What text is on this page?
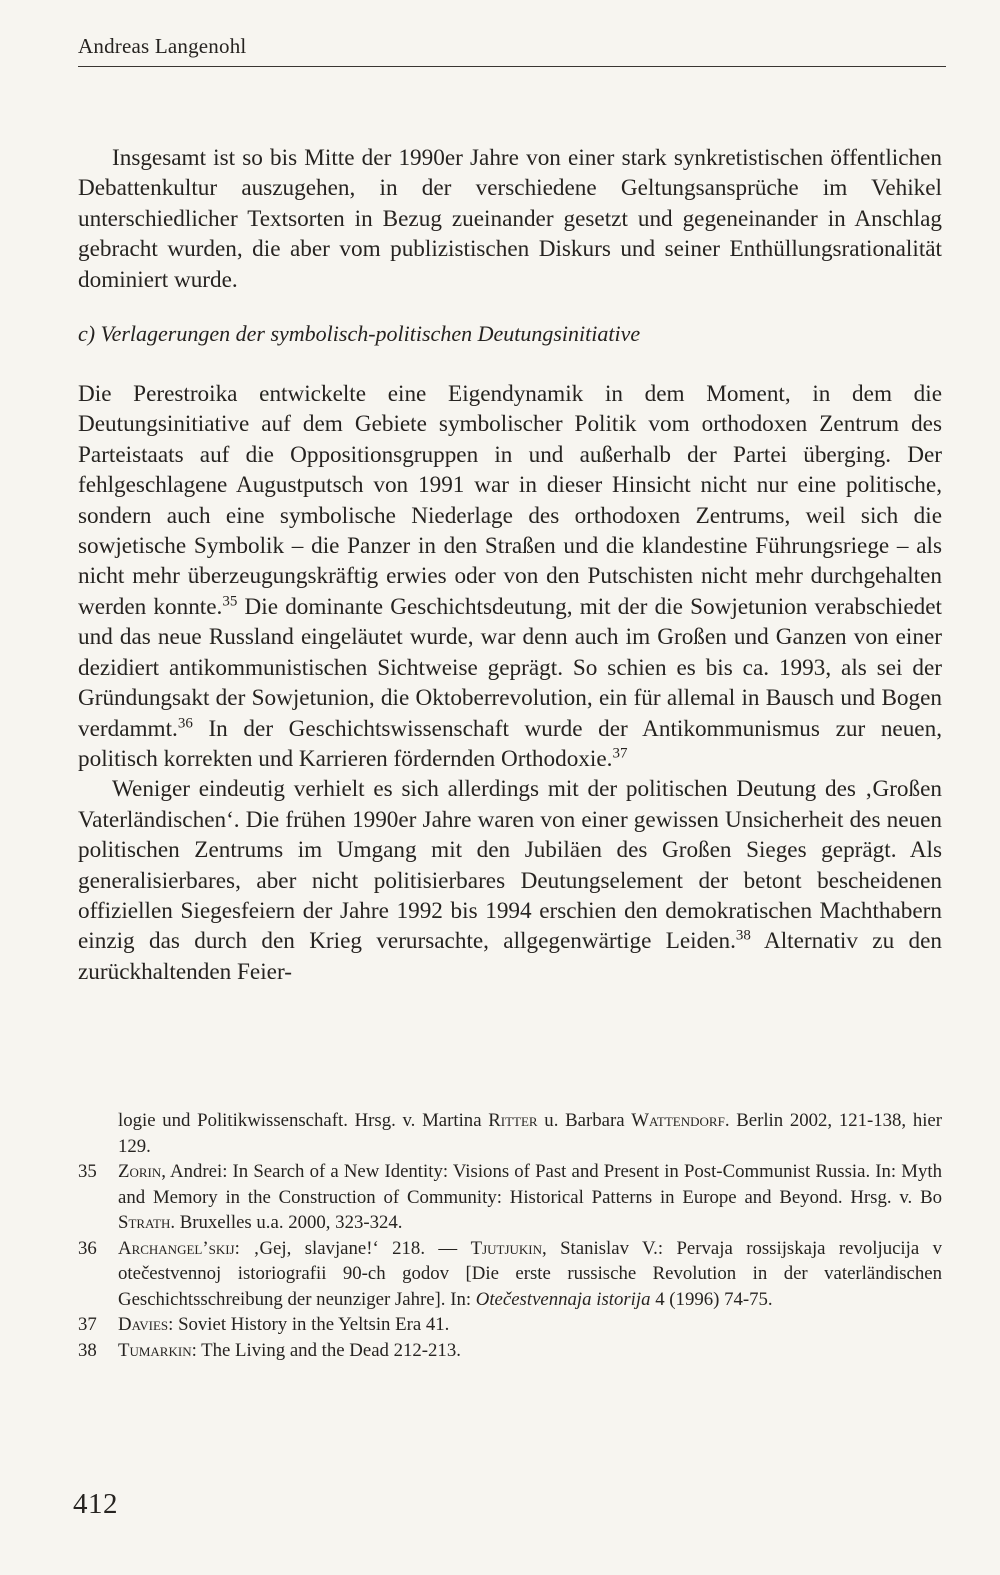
Andreas Langenohl

Insgesamt ist so bis Mitte der 1990er Jahre von einer stark synkretistischen öffentlichen Debattenkultur auszugehen, in der verschiedene Geltungsansprüche im Vehikel unterschiedlicher Textsorten in Bezug zueinander gesetzt und gegeneinander in Anschlag gebracht wurden, die aber vom publizistischen Diskurs und seiner Enthüllungsrationalität dominiert wurde.

c) Verlagerungen der symbolisch-politischen Deutungsinitiative

Die Perestroika entwickelte eine Eigendynamik in dem Moment, in dem die Deutungsinitiative auf dem Gebiete symbolischer Politik vom orthodoxen Zentrum des Parteistaats auf die Oppositionsgruppen in und außerhalb der Partei überging. Der fehlgeschlagene Augustputsch von 1991 war in dieser Hinsicht nicht nur eine politische, sondern auch eine symbolische Niederlage des orthodoxen Zentrums, weil sich die sowjetische Symbolik – die Panzer in den Straßen und die klandestine Führungsriege – als nicht mehr überzeugungskräftig erwies oder von den Putschisten nicht mehr durchgehalten werden konnte.$^{35}$ Die dominante Geschichtsdeutung, mit der die Sowjetunion verabschiedet und das neue Russland eingeläutet wurde, war denn auch im Großen und Ganzen von einer dezidiert antikommunistischen Sichtweise geprägt. So schien es bis ca. 1993, als sei der Gründungsakt der Sowjetunion, die Oktoberrevolution, ein für allemal in Bausch und Bogen verdammt.$^{36}$ In der Geschichtswissenschaft wurde der Antikommunismus zur neuen, politisch korrekten und Karrieren fördernden Orthodoxie.$^{37}$

Weniger eindeutig verhielt es sich allerdings mit der politischen Deutung des ‚Großen Vaterländischen‘. Die frühen 1990er Jahre waren von einer gewissen Unsicherheit des neuen politischen Zentrums im Umgang mit den Jubiläen des Großen Sieges geprägt. Als generalisierbares, aber nicht politisierbares Deutungselement der betont bescheidenen offiziellen Siegesfeiern der Jahre 1992 bis 1994 erschien den demokratischen Machthabern einzig das durch den Krieg verursachte, allgegenwärtige Leiden.$^{38}$ Alternativ zu den zurückhaltenden Feier-

logie und Politikwissenschaft. Hrsg. v. Martina Ritter u. Barbara Wattendorf. Berlin 2002, 121-138, hier 129.
35	Zorin, Andrei: In Search of a New Identity: Visions of Past and Present in Post-Communist Russia. In: Myth and Memory in the Construction of Community: Historical Patterns in Europe and Beyond. Hrsg. v. Bo Strath. Bruxelles u.a. 2000, 323-324.
36	Archangel’skij: ‚Gej, slavjane!‘ 218. — Tjutjukin, Stanislav V.: Pervaja rossijskaja revoljucija v otečestvennoj istoriografii 90-ch godov [Die erste russische Revolution in der vaterländischen Geschichtsschreibung der neunziger Jahre]. In: Otečestvennaja istorija 4 (1996) 74-75.
37	Davies: Soviet History in the Yeltsin Era 41.
38	Tumarkin: The Living and the Dead 212-213.
412
